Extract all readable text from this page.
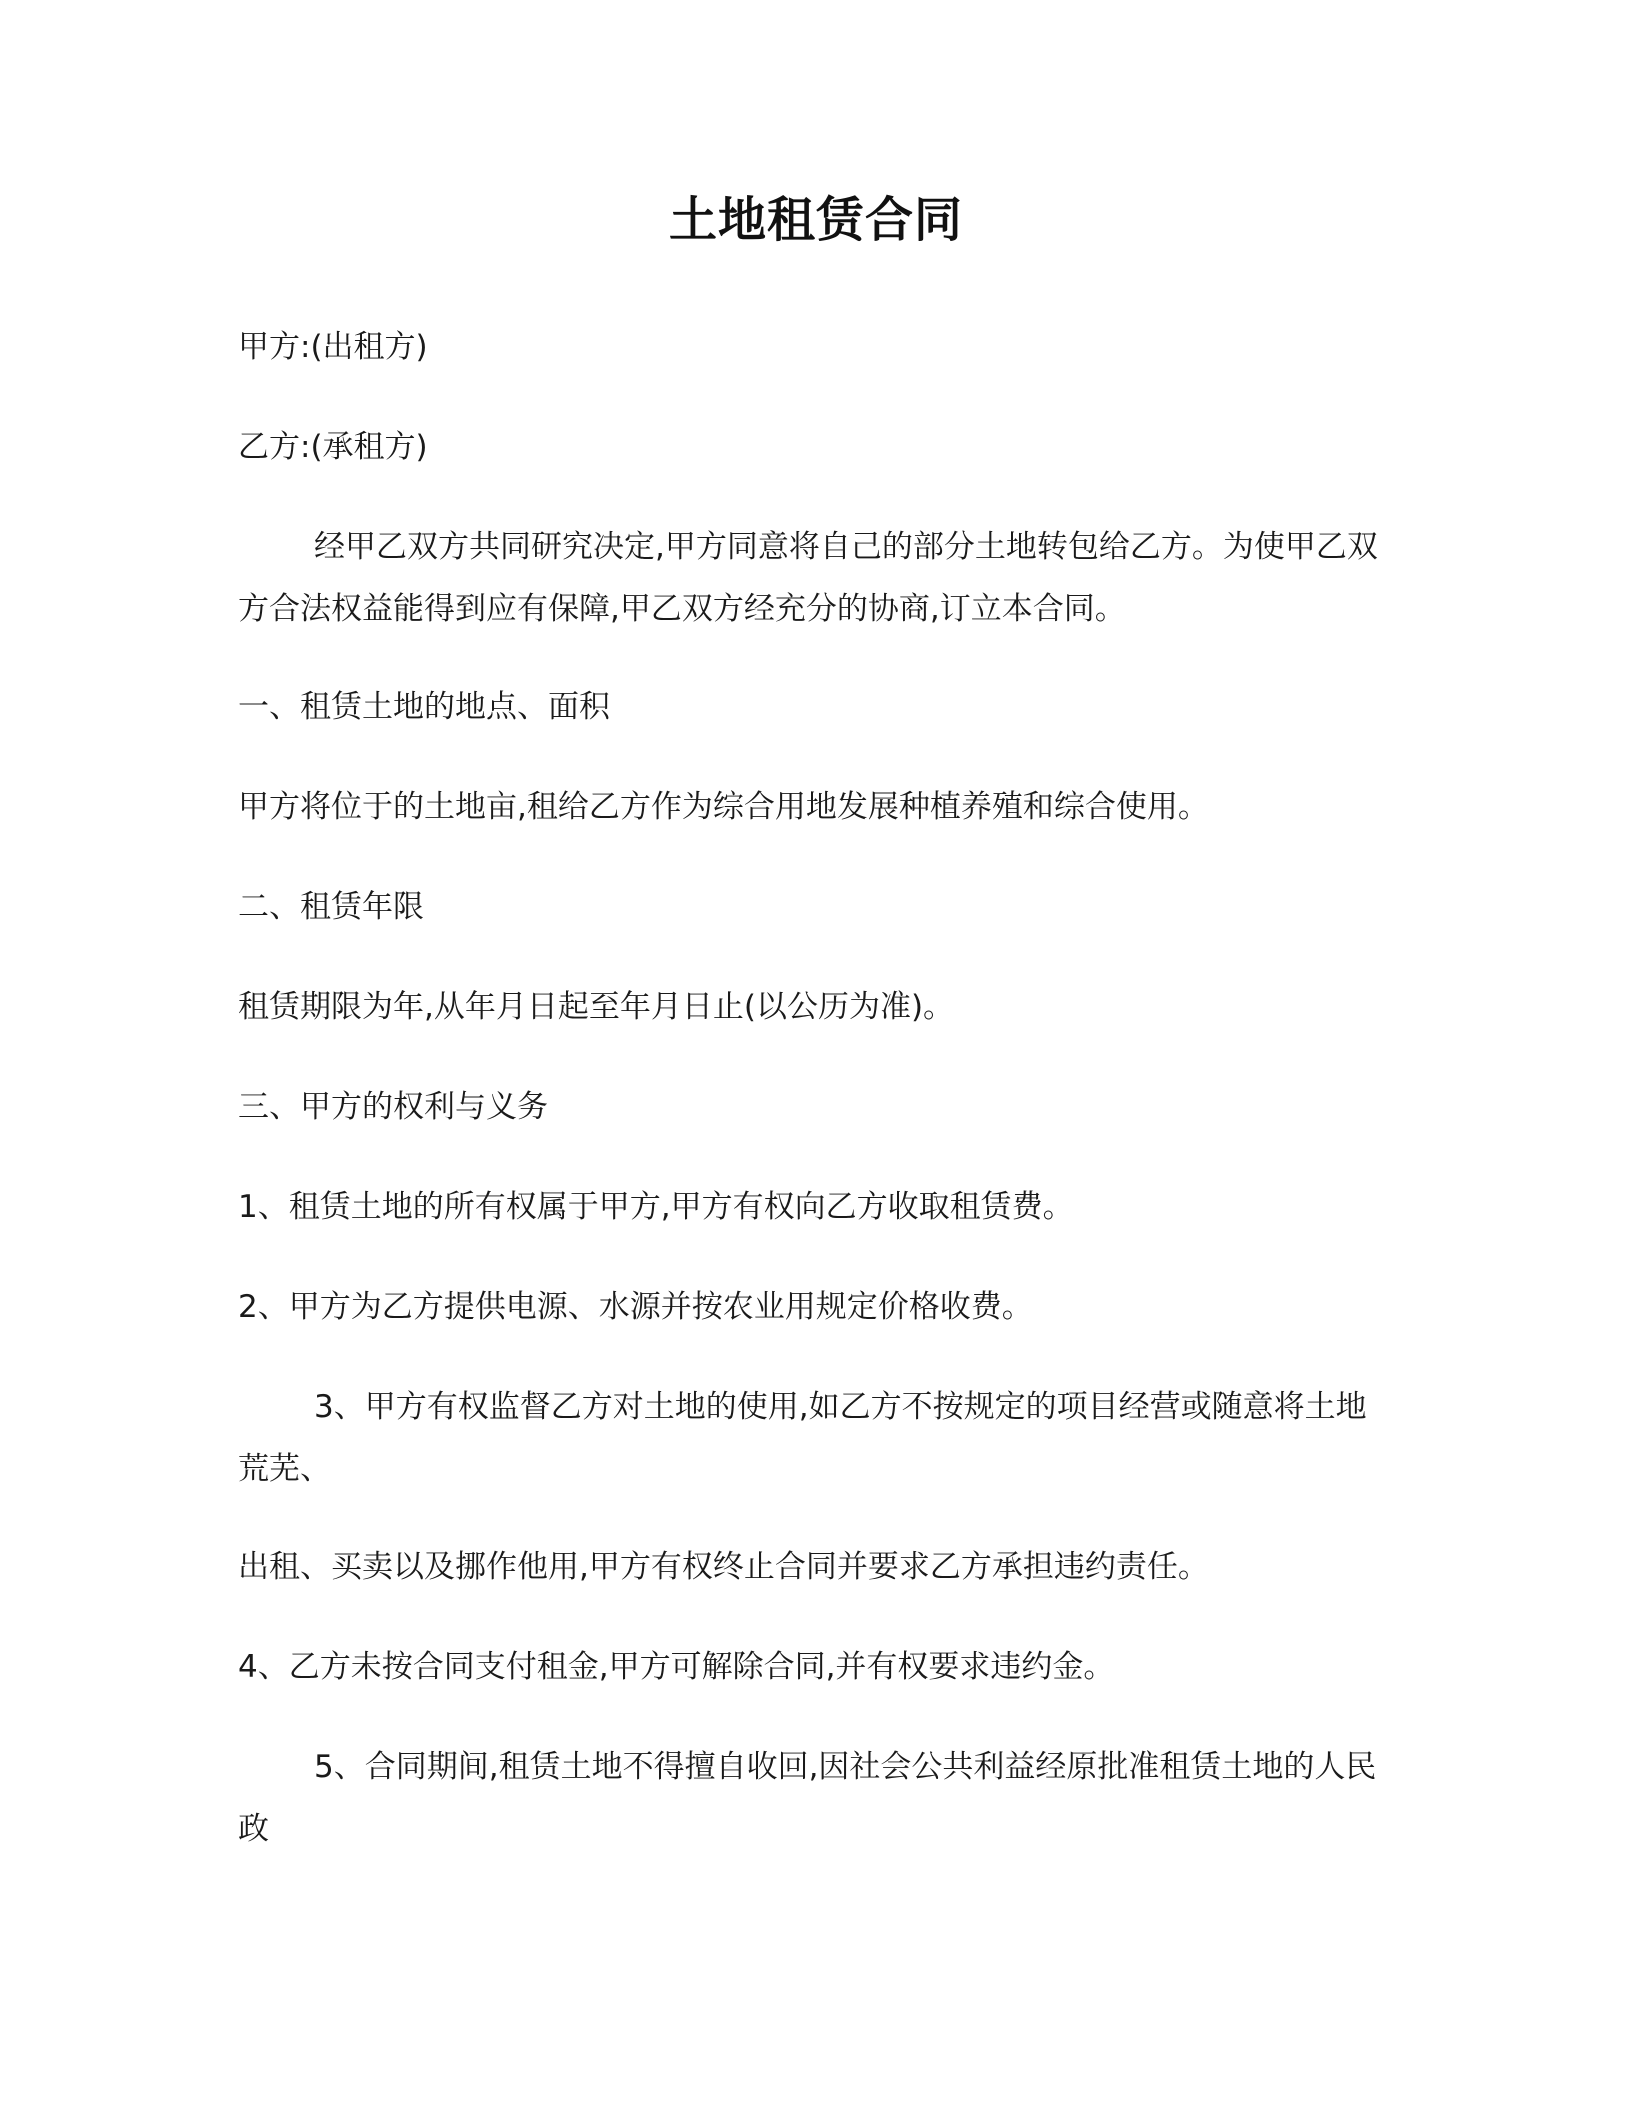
土地租赁合同
甲方:(出租方)
乙方:(承租方)
经甲乙双方共同研究决定,甲方同意将自己的部分土地转包给乙方。为使甲乙双方合法权益能得到应有保障,甲乙双方经充分的协商,订立本合同。
一、租赁土地的地点、面积
甲方将位于的土地亩,租给乙方作为综合用地发展种植养殖和综合使用。
二、租赁年限
租赁期限为年,从年月日起至年月日止(以公历为准)。
三、甲方的权利与义务
1、租赁土地的所有权属于甲方,甲方有权向乙方收取租赁费。
2、甲方为乙方提供电源、水源并按农业用规定价格收费。
3、甲方有权监督乙方对土地的使用,如乙方不按规定的项目经营或随意将土地荒芜、
出租、买卖以及挪作他用,甲方有权终止合同并要求乙方承担违约责任。
4、乙方未按合同支付租金,甲方可解除合同,并有权要求违约金。
5、合同期间,租赁土地不得擅自收回,因社会公共利益经原批准租赁土地的人民政
